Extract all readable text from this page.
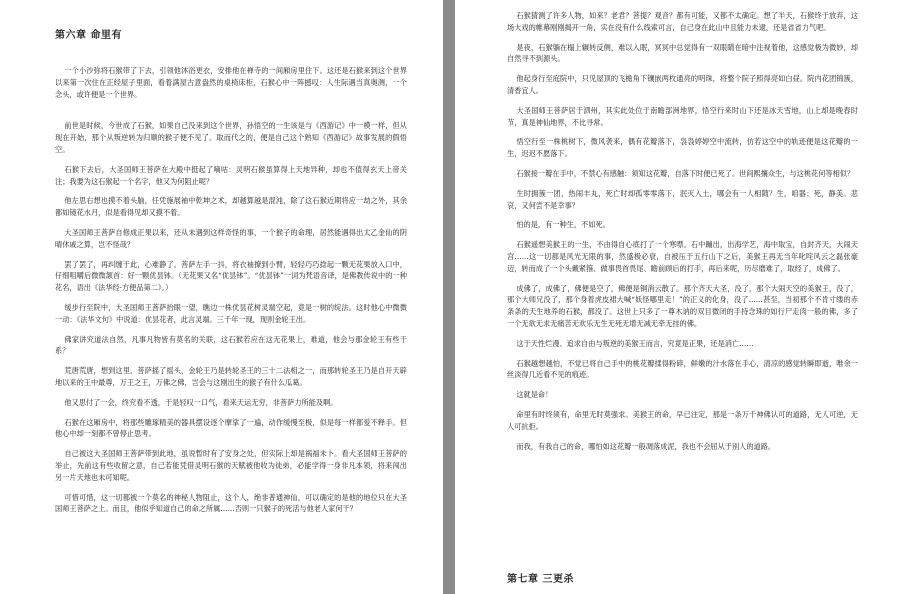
第六章 命里有

一个小沙弥将石猴带了下去，引领他沐浴更衣，安排他在禅寺的一间厢房里住下。这还是石猴来到这个世界以来第一次住在正经屋子里面，看着满屋古意盎然的桌椅床柜，石猴心中一阵撼叹：人生际遇当真奥测，一个念头，或许便是一个世界。

前世是时候，今世成了石猴，如果自己没来到这个世界，孙悟空的一生该是与《西游记》中一模一样，但从现在开始，那个从叛逆转为归顺的猴子便不见了。取而代之的，便是自己这个熟知《西游记》故事发展的假悟空。

石猴下去后，大圣国师王菩萨在大殿中挺起了嘀咕：灵明石猴虽算得上天地异种，却也不值得玄天上帝关注；我要为这石猴起一个名字，他又为何阻止呢？

他左思右想也摸不着头脑，任凭施展袖中乾坤之术，却越算越是混沌，除了这石猴近期将应一劫之外，其余都如镜花水月，似是看得见却又摸不着。

大圣国师王菩萨自修成正果以来，还从未遇到这样奇怪的事，一个猴子的命理，居然能遇得出太乙金仙的阴晴休戚之算，岂不怪哉？

罢了罢了，再纠缠于此，心难静了。菩萨左手一抖，将衣袖撩到小臂，轻轻巧巧捻起一颗无花果放入口中，仔细咀嚼后微微颔首：好一颗优昙钵。（无花果又名“优昙钵”。“优昙钵”一词为梵语音译，是佛教传说中的一种花名，语出《法华经·方便品第二》。）

缓步行至院中，大圣国师王菩萨抬眼一望，瞧边一株优昙花树灵端空起，竟是一树的绽法。这时他心中微微一动：《法华文句》中说道：优昙花者，此言灵端。三千年一现，现则金轮王出。

佛家讲究道法自然，凡事凡物皆有莫名的关联，这石猴若应在这无花果上，难道，他会与那金轮王有些干系？

荒唐荒唐，想到这里，菩萨摇了摇头，金轮王乃是转轮圣王的三十二法相之一，而那转轮圣王乃是自开天辟地以来的王中最尊，万王之王，万佛之佛，岂会与这刚出生的猴子有什么瓜葛。

他又思付了一会，终究看不透，于是轻叹一口气，看来天运无穷，非菩萨力所能及啊。

石猴在这厢房中，将那些雕琢精美的器具摆设逐个摩挲了一遍，动作缓慢至极，似是每一样都爱不释手。但他心中却一刻都不曾停止思考。

自己被这大圣国师王菩萨带到此地，虽说暂时有了安身之处，但实际上却是祸福未卜。看大圣国师王菩萨的举止，先前这有些收留之意，自己若能凭借灵明石猴的天赋被他收为徒弟，必能学得一身非凡本领，将来闯出另一片天地也未可知呢。

可惜可惜，这一切都被一个莫名的神秘人物阻止，这个人，绝非普通神仙，可以确定的是他的地位只在大圣国师王菩萨之上。而且，他似乎知道自己的命之所属……否则一只猴子的死活与他老人家何干？

石猴猜测了许多人物，如来？老君？菩提？观音？都有可能，又都不太确定。想了半天，石猴终于放弃，这场大戏的帷幕刚刚揭开一角，实在没有什么线索可言，自己身在此山中且能力未逮，还是省省力气吧。

是夜，石猴躺在榻上辗转反侧，难以入眠，冥冥中总觉得有一双眼睛在暗中注视着他，这感觉极为微妙，却自然寻不到源头。

他起身行至庭院中，只见屋顶的飞檐角下镶嵌两枚通亮的明珠，将整个院子照得亮如白昼。院内花团锦簇，清香宜人。

大圣国师王菩萨居于泗州，其实此处位于南瞻部洲地界，悟空行来时山下还是冰天雪地，山上却是晚春时节，真是神仙地界，不比寻常。

悟空行至一株桃树下，微风袭来，偶有花瓣落下，袅袅婷婷空中流转，仿若这空中的轨迹便是这花瓣的一生，迟迟不愿落下。

石猴接一瓣在手中，不禁心有感触：须知这花瓣，自落下时便已死了。世间熙攘众生，与这桃花何等相似？

生时拥簇一团，热闹丰丸，死亡时却孤零零落下，泯灭入土，哪会有一人相随？生，咱器；死，静美。悲哀，又何尝不是幸事？

怕的是，有一种生，不如死。

石猴遥想美猴王的一生，不由得自心底打了一个寒噤。石中蹦出，出海学艺，海中取宝，自封齐天，大闹天宫……这一切都是风光无限的事，然盛极必衰，自被压于五行山下之后，美猴王再无当年叱咤风云之磊张豪迈，转而成了一个头戴紧箍、做事畏首畏尾、瞻前顾后的打手，再后来呢，历尽磨难了，取经了，成佛了。

成佛了，成佛了，佛便是空了，佛便是铜消云散了。那个齐天大圣，没了，那个大闹天空的美猴王，没了，那个大师兄没了，那个身着虎皮裙大喊“妖怪哪里走！”的正义的化身，没了……甚至，当初那个不肯寸缕的赤条条的天生地养的石猴，都没了。这世上只多了一尊木讷的双目微闭的手持念珠的如行尸走肉一般的佛，多了一个无欲无求无痛苦无欢乐无生无死无增无减无牵无挂的佛。

这于天性烂漫、追求自由与叛逆的美猴王而言，究竟是正果，还是消亡……

石猴越想越怕，不觉已将自己手中的桃花瓣揉得粉碎，鲜嫩的汁水落在手心，清凉的感觉转瞬即逝，唯余一丝淡得几近看不见的痕迹。

这就是命！

命里有时终须有，命里无时莫强求。美猴王的命，早已注定，那是一条万千神佛认可的道路，无人可逆，无人可抗拒。

而我，有我自己的命，哪怕如这花瓣一般凋落成泥，我也不会屈从于别人的道路。

第七章 三更杀
